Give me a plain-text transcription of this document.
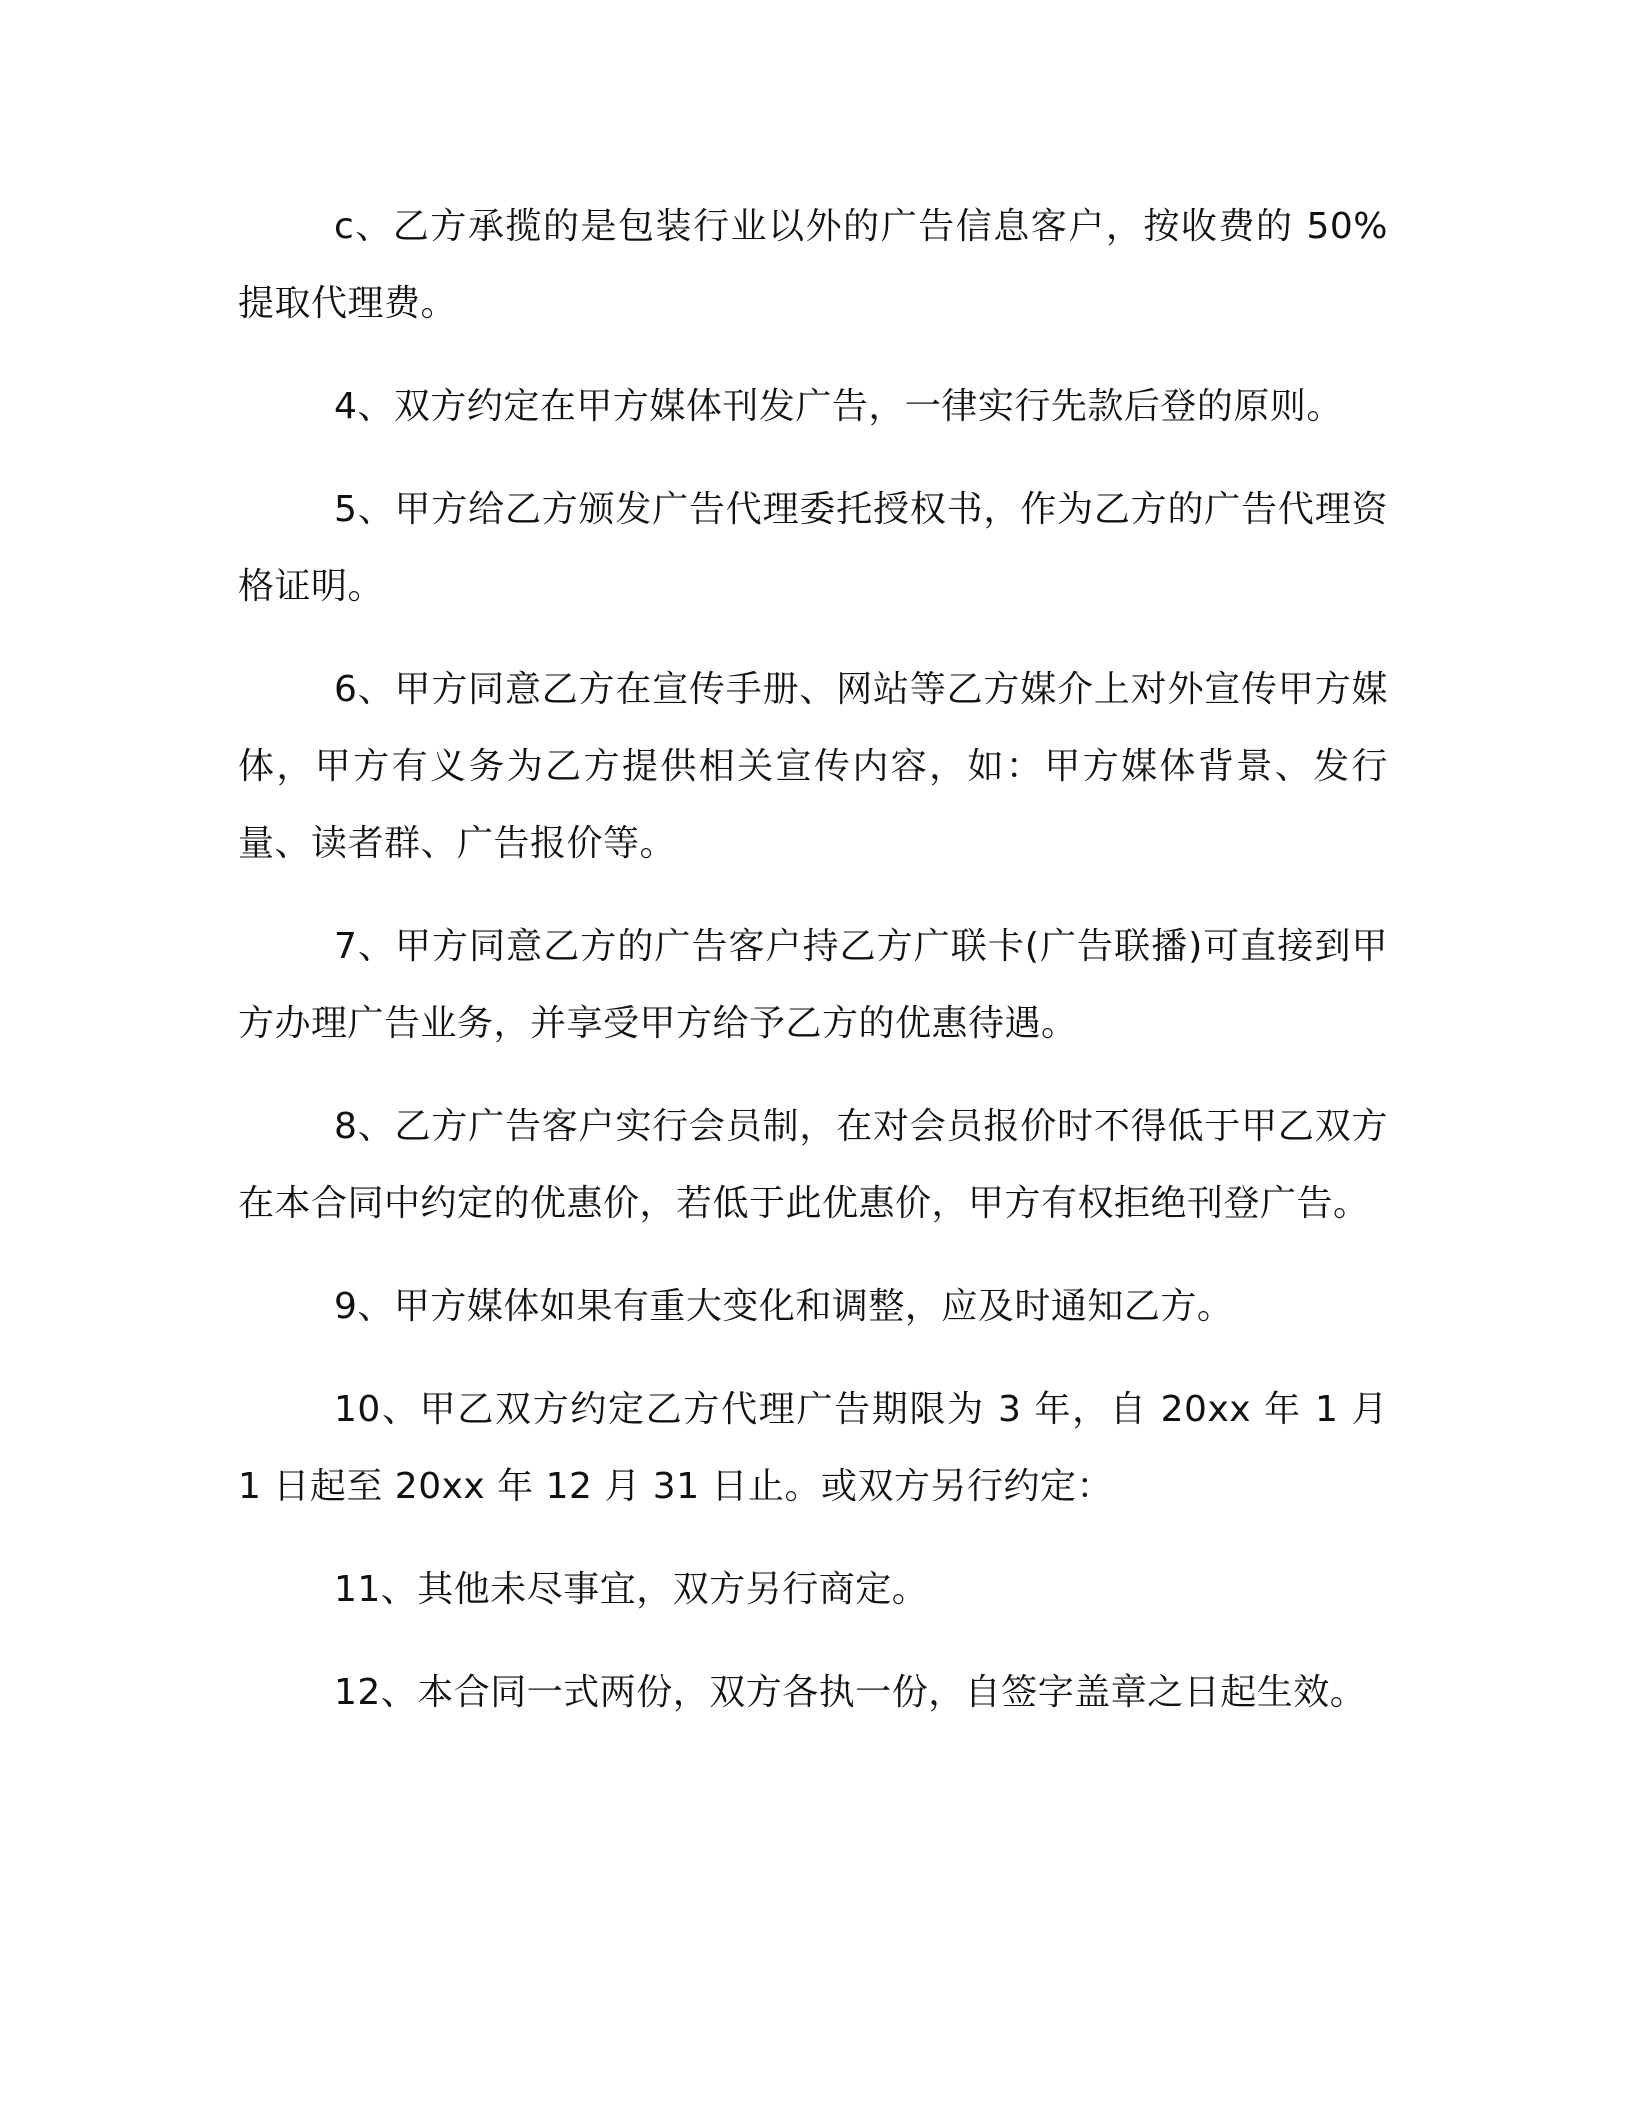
c、乙方承揽的是包装行业以外的广告信息客户，按收费的 50%提取代理费。

4、双方约定在甲方媒体刊发广告，一律实行先款后登的原则。

5、甲方给乙方颁发广告代理委托授权书，作为乙方的广告代理资格证明。

6、甲方同意乙方在宣传手册、网站等乙方媒介上对外宣传甲方媒体，甲方有义务为乙方提供相关宣传内容，如：甲方媒体背景、发行量、读者群、广告报价等。

7、甲方同意乙方的广告客户持乙方广联卡(广告联播)可直接到甲方办理广告业务，并享受甲方给予乙方的优惠待遇。

8、乙方广告客户实行会员制，在对会员报价时不得低于甲乙双方在本合同中约定的优惠价，若低于此优惠价，甲方有权拒绝刊登广告。

9、甲方媒体如果有重大变化和调整，应及时通知乙方。

10、甲乙双方约定乙方代理广告期限为 3 年，自 20xx 年 1 月 1 日起至 20xx 年 12 月 31 日止。或双方另行约定：

11、其他未尽事宜，双方另行商定。

12、本合同一式两份，双方各执一份，自签字盖章之日起生效。
